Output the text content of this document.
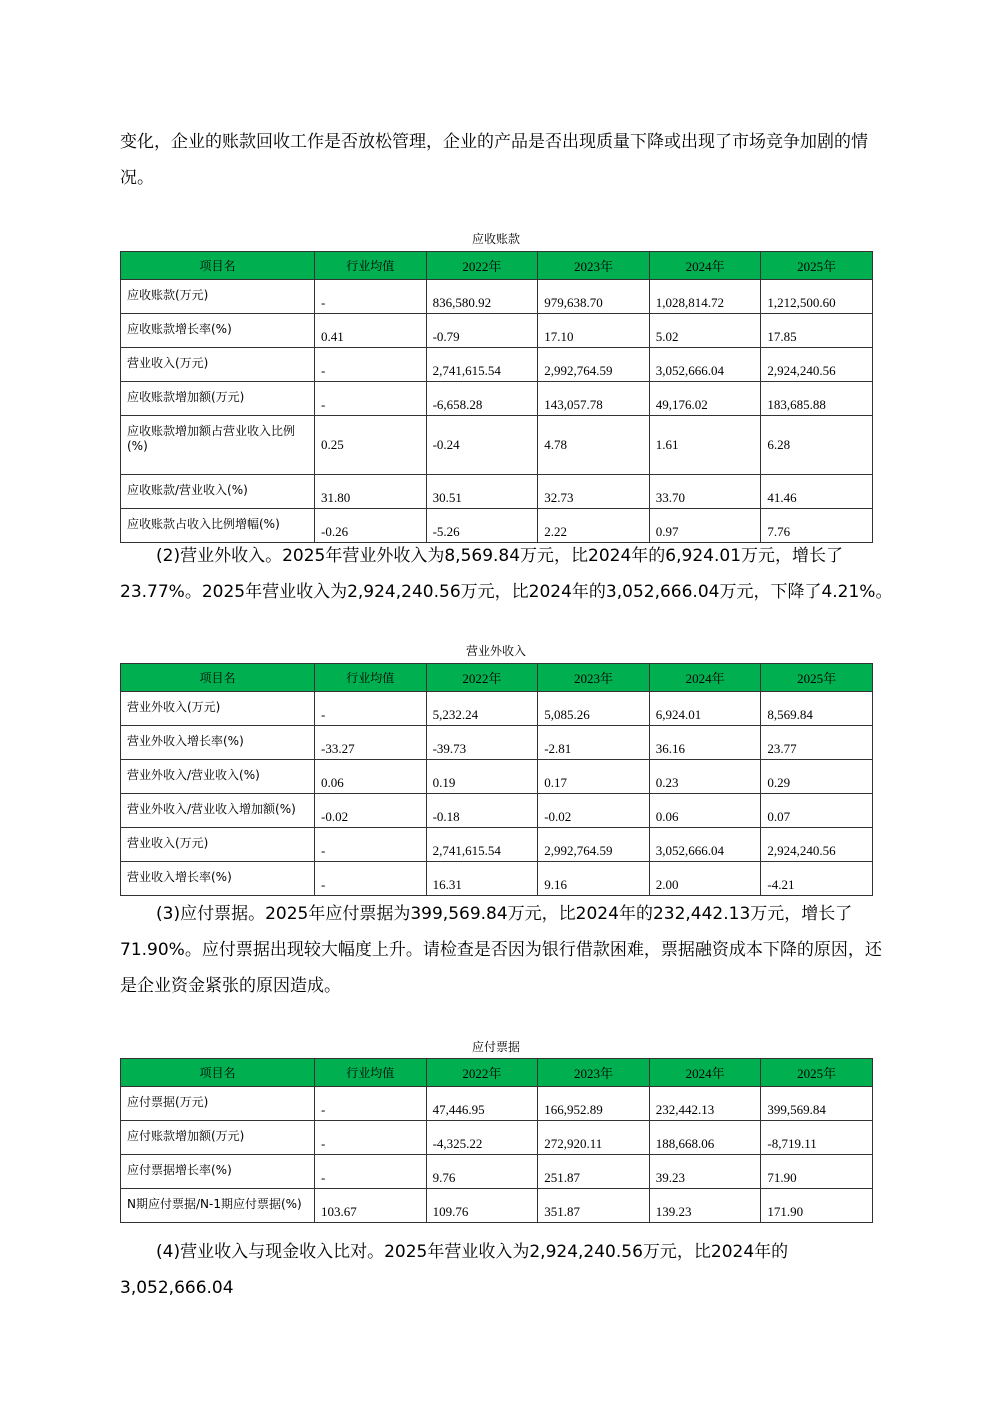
变化，企业的账款回收工作是否放松管理，企业的产品是否出现质量下降或出现了市场竞争加剧的情况。

应收账款
项目名	行业均值	2022年	2023年	2024年	2025年
应收账款(万元)	-	836,580.92	979,638.70	1,028,814.72	1,212,500.60
应收账款增长率(%)	0.41	-0.79	17.10	5.02	17.85
营业收入(万元)	-	2,741,615.54	2,992,764.59	3,052,666.04	2,924,240.56
应收账款增加额(万元)	-	-6,658.28	143,057.78	49,176.02	183,685.88
应收账款增加额占营业收入比例(%)	0.25	-0.24	4.78	1.61	6.28
应收账款/营业收入(%)	31.80	30.51	32.73	33.70	41.46
应收账款占收入比例增幅(%)	-0.26	-5.26	2.22	0.97	7.76

(2)营业外收入。2025年营业外收入为8,569.84万元，比2024年的6,924.01万元，增长了23.77%。2025年营业收入为2,924,240.56万元，比2024年的3,052,666.04万元，下降了4.21%。

营业外收入
项目名	行业均值	2022年	2023年	2024年	2025年
营业外收入(万元)	-	5,232.24	5,085.26	6,924.01	8,569.84
营业外收入增长率(%)	-33.27	-39.73	-2.81	36.16	23.77
营业外收入/营业收入(%)	0.06	0.19	0.17	0.23	0.29
营业外收入/营业收入增加额(%)	-0.02	-0.18	-0.02	0.06	0.07
营业收入(万元)	-	2,741,615.54	2,992,764.59	3,052,666.04	2,924,240.56
营业收入增长率(%)	-	16.31	9.16	2.00	-4.21

(3)应付票据。2025年应付票据为399,569.84万元，比2024年的232,442.13万元，增长了71.90%。应付票据出现较大幅度上升。请检查是否因为银行借款困难，票据融资成本下降的原因，还是企业资金紧张的原因造成。

应付票据
项目名	行业均值	2022年	2023年	2024年	2025年
应付票据(万元)	-	47,446.95	166,952.89	232,442.13	399,569.84
应付账款增加额(万元)	-	-4,325.22	272,920.11	188,668.06	-8,719.11
应付票据增长率(%)	-	9.76	251.87	39.23	71.90
N期应付票据/N-1期应付票据(%)	103.67	109.76	351.87	139.23	171.90

(4)营业收入与现金收入比对。2025年营业收入为2,924,240.56万元，比2024年的3,052,666.04
